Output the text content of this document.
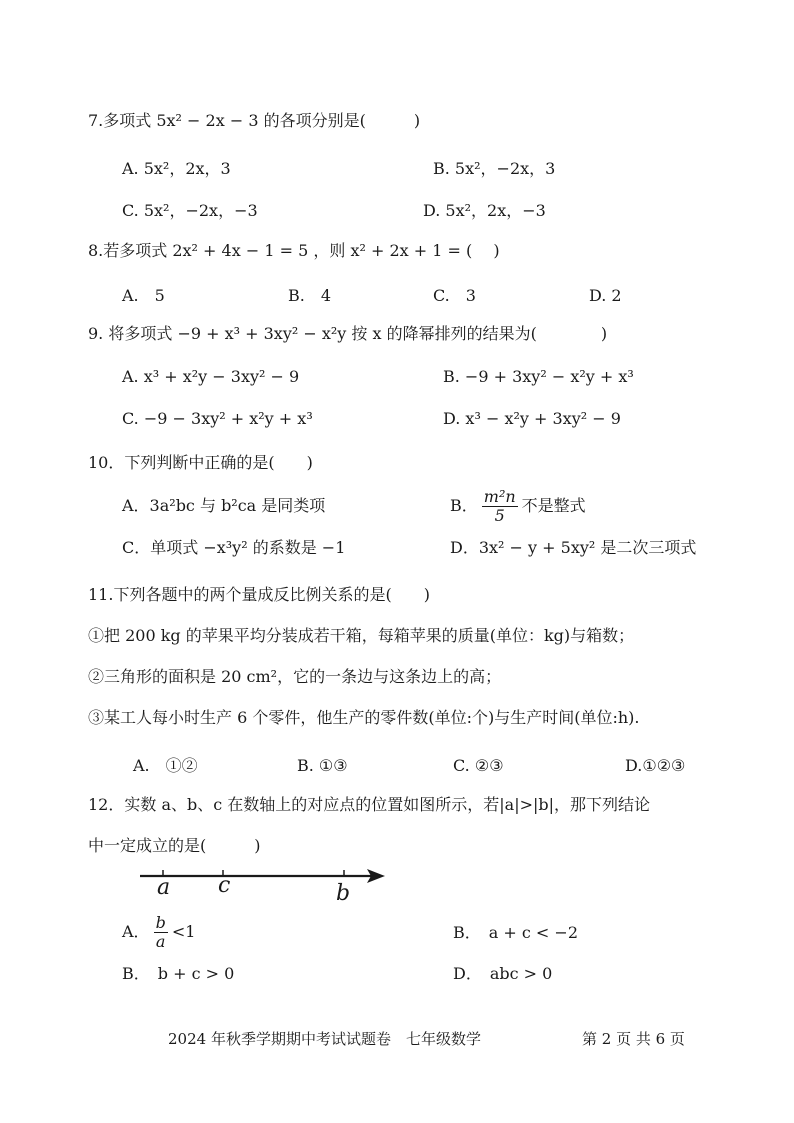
7.多项式 5x² − 2x − 3 的各项分别是(　　　)
A. 5x²，2x，3	B. 5x²，−2x，3
C. 5x²，−2x，−3	D. 5x²，2x，−3
8.若多项式 2x² + 4x − 1 = 5 ，则 x² + 2x + 1 = (　 )
A.　5	B.　4	C.　3	D. 2
9. 将多项式 −9 + x³ + 3xy² − x²y 按 x 的降幂排列的结果为(　　　　)
A. x³ + x²y − 3xy² − 9	B. −9 + 3xy² − x²y + x³
C. −9 − 3xy² + x²y + x³	D. x³ − x²y + 3xy² − 9
10．下列判断中正确的是(　　)
A．3a²bc 与 b²ca 是同类项	B． $\frac{\text{m²n}}{5}$ 不是整式
C．单项式 −x³y² 的系数是 −1	D．3x² − y + 5xy² 是二次三项式
11.下列各题中的两个量成反比例关系的是(　　)
①把 200 kg 的苹果平均分装成若干箱，每箱苹果的质量(单位：kg)与箱数；
②三角形的面积是 20 cm²，它的一条边与这条边上的高；
③某工人每小时生产 6 个零件，他生产的零件数(单位:个)与生产时间(单位:h).
A.　①②	B. ①③	C. ②③	D.①②③
12．实数 a、b、c 在数轴上的对应点的位置如图所示，若|a|>|b|，那下列结论
中一定成立的是(　　　)
a c	b
A． $\frac{b}{a} <1$	B．　a + c < −2
B．　b + c > 0	D．　abc > 0
2024 年秋季学期期中考试试题卷　七年级数学	第 2 页 共 6 页
